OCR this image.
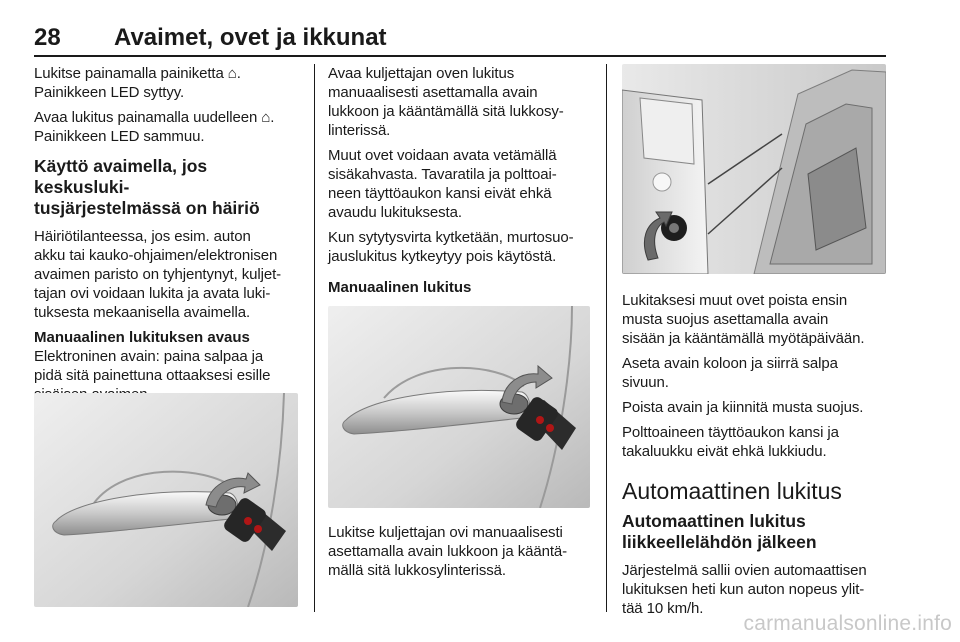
28 Avaimet, ovet ja ikkunat

Lukitse painamalla painiketta ⌂.
Painikkeen LED syttyy.

Avaa lukitus painamalla uudelleen ⌂.
Painikkeen LED sammuu.

Käyttö avaimella, jos keskusluki-
tusjärjestelmässä on häiriö

Häiriötilanteessa, jos esim. auton
akku tai kauko-ohjaimen/elektronisen
avaimen paristo on tyhjentynyt, kuljet-
tajan ovi voidaan lukita ja avata luki-
tuksesta mekaanisella avaimella.

Manuaalinen lukituksen avaus

Elektroninen avain: paina salpaa ja
pidä sitä painettuna ottaaksesi esille

Avaa kuljettajan oven lukitus
manuaalisesti asettamalla avain
lukkoon ja kääntämällä sitä lukkosy-
linterissä.

Muut ovet voidaan avata vetämällä
sisäkahvasta. Tavaratila ja polttoai-
neen täyttöaukon kansi eivät ehkä
avaudu lukituksesta.

Kun sytytysvirta kytketään, murtosuo-
jauslukitus kytkeytyy pois käytöstä.

Manuaalinen lukitus

Lukitse kuljettajan ovi manuaalisesti
asettamalla avain lukkoon ja kääntä-
mällä sitä lukkosylinterissä.

Lukitaksesi muut ovet poista ensin
musta suojus asettamalla avain
sisään ja kääntämällä myötäpäivään.

Aseta avain koloon ja siirrä salpa
sivuun.

Poista avain ja kiinnitä musta suojus.

Polttoaineen täyttöaukon kansi ja
takaluukku eivät ehkä lukkiudu.

Automaattinen lukitus
Automaattinen lukitus
liikkeellelähdön jälkeen

Järjestelmä sallii ovien automaattisen
lukituksen heti kun auton nopeus ylit-
tää 10 km/h.

carmanualsonline.info
